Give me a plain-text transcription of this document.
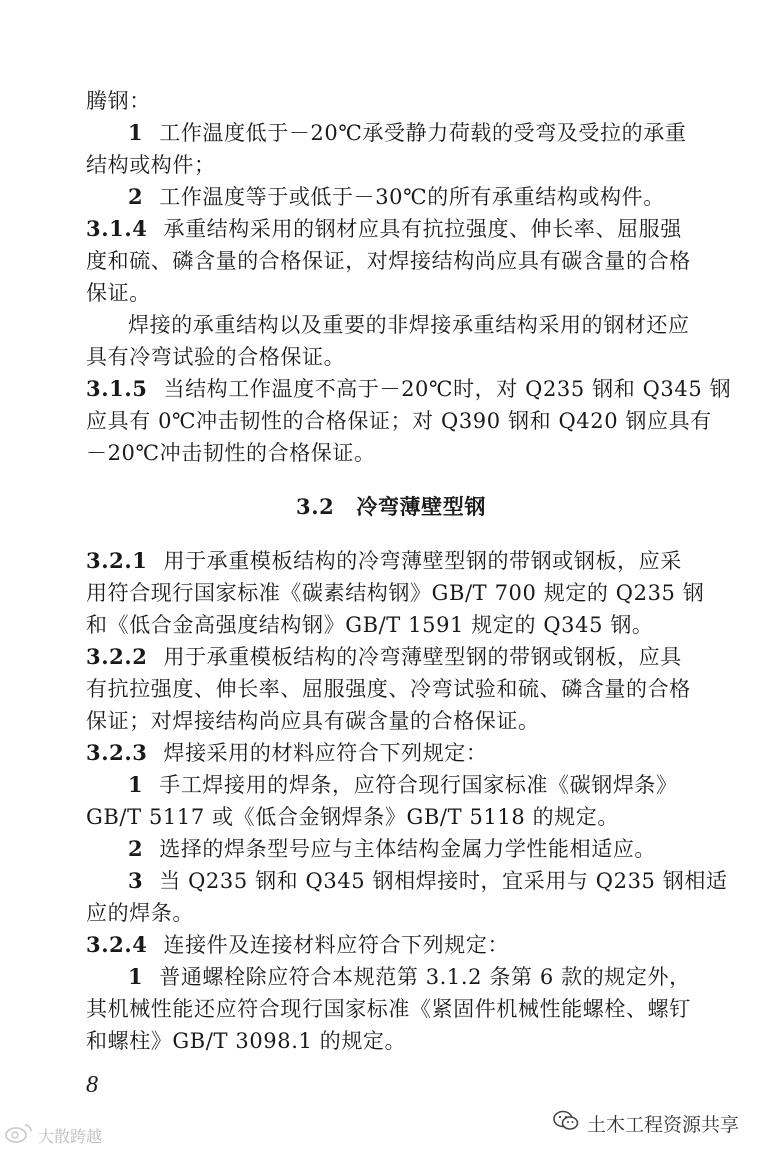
腾钢：
1 工作温度低于－20℃承受静力荷载的受弯及受拉的承重
结构或构件；
2 工作温度等于或低于－30℃的所有承重结构或构件。
3.1.4 承重结构采用的钢材应具有抗拉强度、伸长率、屈服强
度和硫、磷含量的合格保证，对焊接结构尚应具有碳含量的合格
保证。
焊接的承重结构以及重要的非焊接承重结构采用的钢材还应
具有冷弯试验的合格保证。
3.1.5 当结构工作温度不高于－20℃时，对 Q235 钢和 Q345 钢
应具有 0℃冲击韧性的合格保证；对 Q390 钢和 Q420 钢应具有
－20℃冲击韧性的合格保证。
3.2 冷弯薄壁型钢
3.2.1 用于承重模板结构的冷弯薄壁型钢的带钢或钢板，应采
用符合现行国家标准《碳素结构钢》GB/T 700 规定的 Q235 钢
和《低合金高强度结构钢》GB/T 1591 规定的 Q345 钢。
3.2.2 用于承重模板结构的冷弯薄壁型钢的带钢或钢板，应具
有抗拉强度、伸长率、屈服强度、冷弯试验和硫、磷含量的合格
保证；对焊接结构尚应具有碳含量的合格保证。
3.2.3 焊接采用的材料应符合下列规定：
1 手工焊接用的焊条，应符合现行国家标准《碳钢焊条》
GB/T 5117 或《低合金钢焊条》GB/T 5118 的规定。
2 选择的焊条型号应与主体结构金属力学性能相适应。
3 当 Q235 钢和 Q345 钢相焊接时，宜采用与 Q235 钢相适
应的焊条。
3.2.4 连接件及连接材料应符合下列规定：
1 普通螺栓除应符合本规范第 3.1.2 条第 6 款的规定外，
其机械性能还应符合现行国家标准《紧固件机械性能螺栓、螺钉
和螺柱》GB/T 3098.1 的规定。
8
土木工程资源共享
大散跨越
